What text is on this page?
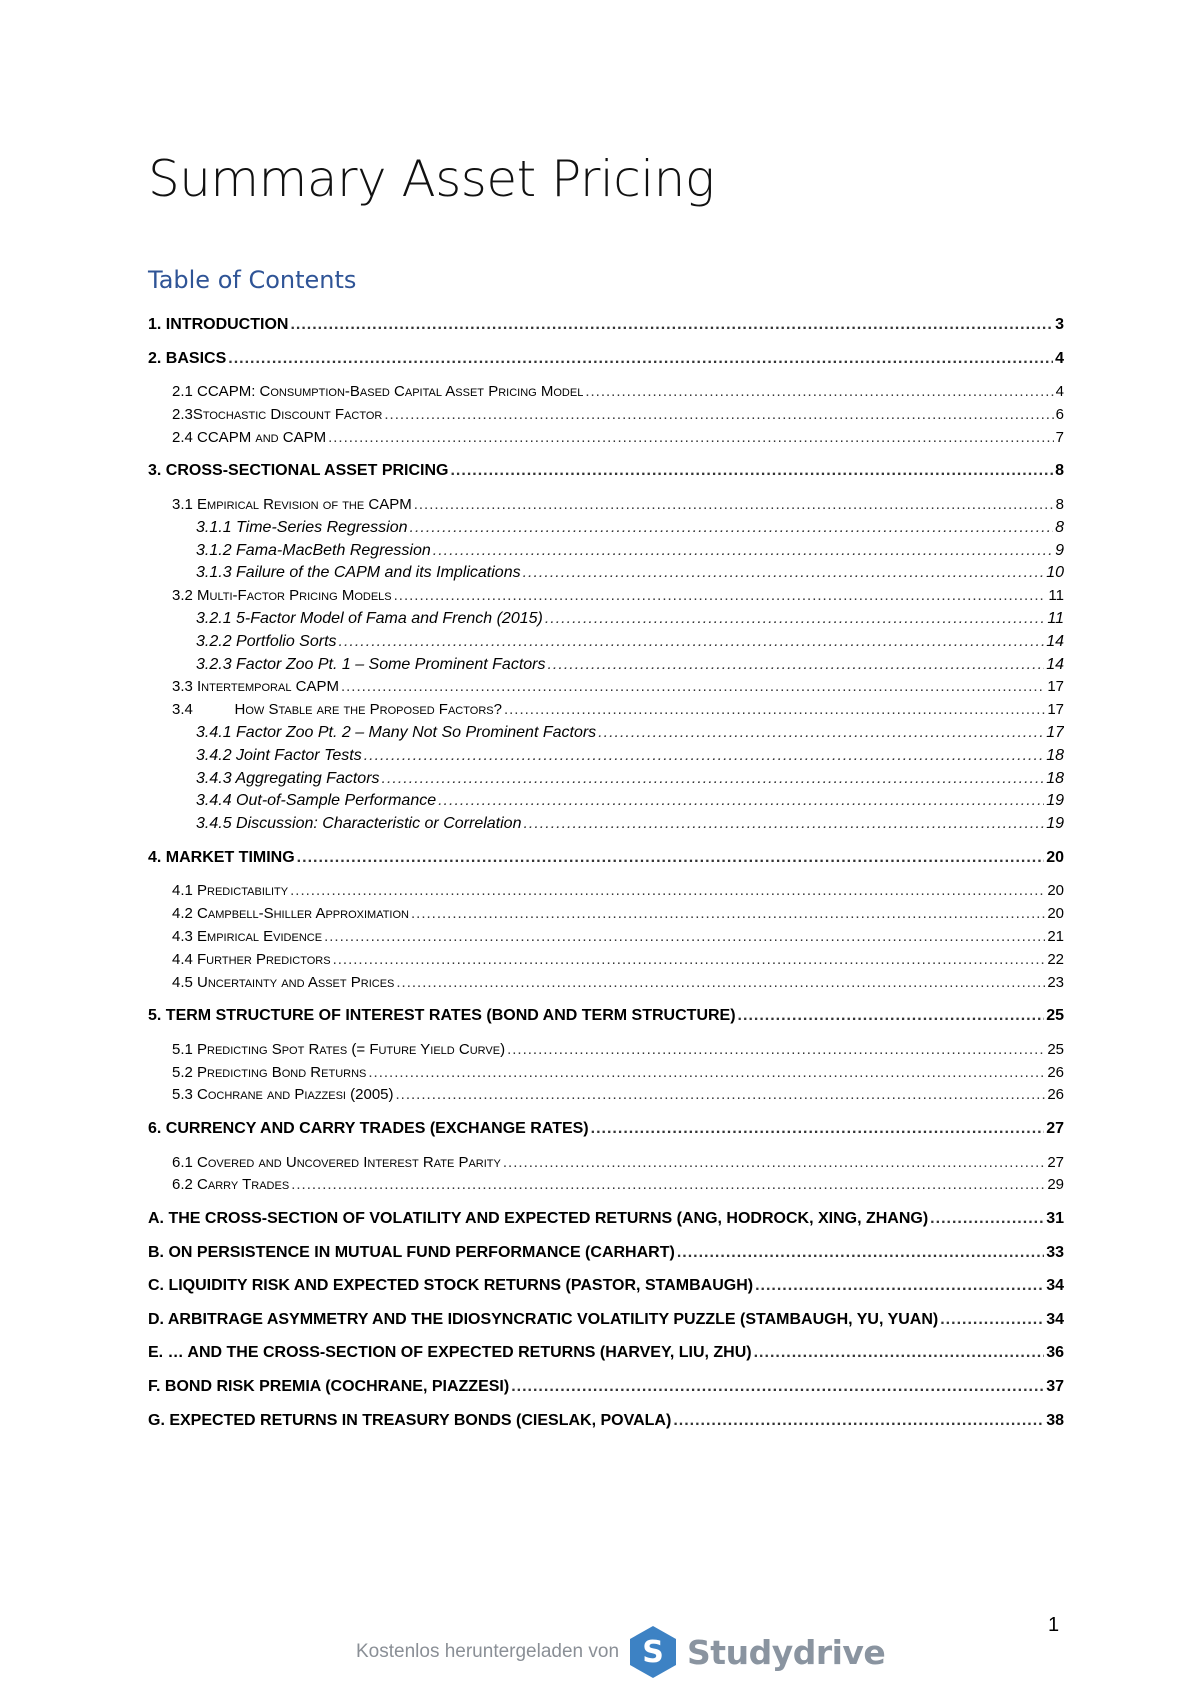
Summary Asset Pricing
Table of Contents
1. INTRODUCTION .....	3
2. BASICS .....	4
2.1 CCAPM: Consumption-Based Capital Asset Pricing Model .....	4
2.3Stochastic Discount Factor .....	6
2.4 CCAPM and CAPM .....	7
3. CROSS-SECTIONAL ASSET PRICING .....	8
3.1 Empirical Revision of the CAPM .....	8
3.1.1 Time-Series Regression .....	8
3.1.2 Fama-MacBeth Regression .....	9
3.1.3 Failure of the CAPM and its Implications .....	10
3.2 Multi-Factor Pricing Models .....	11
3.2.1 5-Factor Model of Fama and French (2015) .....	11
3.2.2 Portfolio Sorts .....	14
3.2.3 Factor Zoo Pt. 1 – Some Prominent Factors .....	14
3.3 Intertemporal CAPM .....	17
3.4          How Stable are the Proposed Factors? .....	17
3.4.1 Factor Zoo Pt. 2 – Many Not So Prominent Factors .....	17
3.4.2 Joint Factor Tests .....	18
3.4.3 Aggregating Factors .....	18
3.4.4 Out-of-Sample Performance .....	19
3.4.5 Discussion: Characteristic or Correlation .....	19
4. MARKET TIMING .....	20
4.1 Predictability .....	20
4.2 Campbell-Shiller Approximation .....	20
4.3 Empirical Evidence .....	21
4.4 Further Predictors .....	22
4.5 Uncertainty and Asset Prices .....	23
5. TERM STRUCTURE OF INTEREST RATES (BOND AND TERM STRUCTURE) .....	25
5.1 Predicting Spot Rates (= Future Yield Curve) .....	25
5.2 Predicting Bond Returns .....	26
5.3 Cochrane and Piazzesi (2005) .....	26
6. CURRENCY AND CARRY TRADES (EXCHANGE RATES) .....	27
6.1 Covered and Uncovered Interest Rate Parity .....	27
6.2 Carry Trades .....	29
A. THE CROSS-SECTION OF VOLATILITY AND EXPECTED RETURNS (ANG, HODROCK, XING, ZHANG) .....	31
B. ON PERSISTENCE IN MUTUAL FUND PERFORMANCE (CARHART) .....	33
C. LIQUIDITY RISK AND EXPECTED STOCK RETURNS (PASTOR, STAMBAUGH) .....	34
D. ARBITRAGE ASYMMETRY AND THE IDIOSYNCRATIC VOLATILITY PUZZLE (STAMBAUGH, YU, YUAN) .....	34
E. … AND THE CROSS-SECTION OF EXPECTED RETURNS (HARVEY, LIU, ZHU) .....	36
F. BOND RISK PREMIA (COCHRANE, PIAZZESI) .....	37
G. EXPECTED RETURNS IN TREASURY BONDS (CIESLAK, POVALA) .....	38
1
Kostenlos heruntergeladen von S Studydrive
